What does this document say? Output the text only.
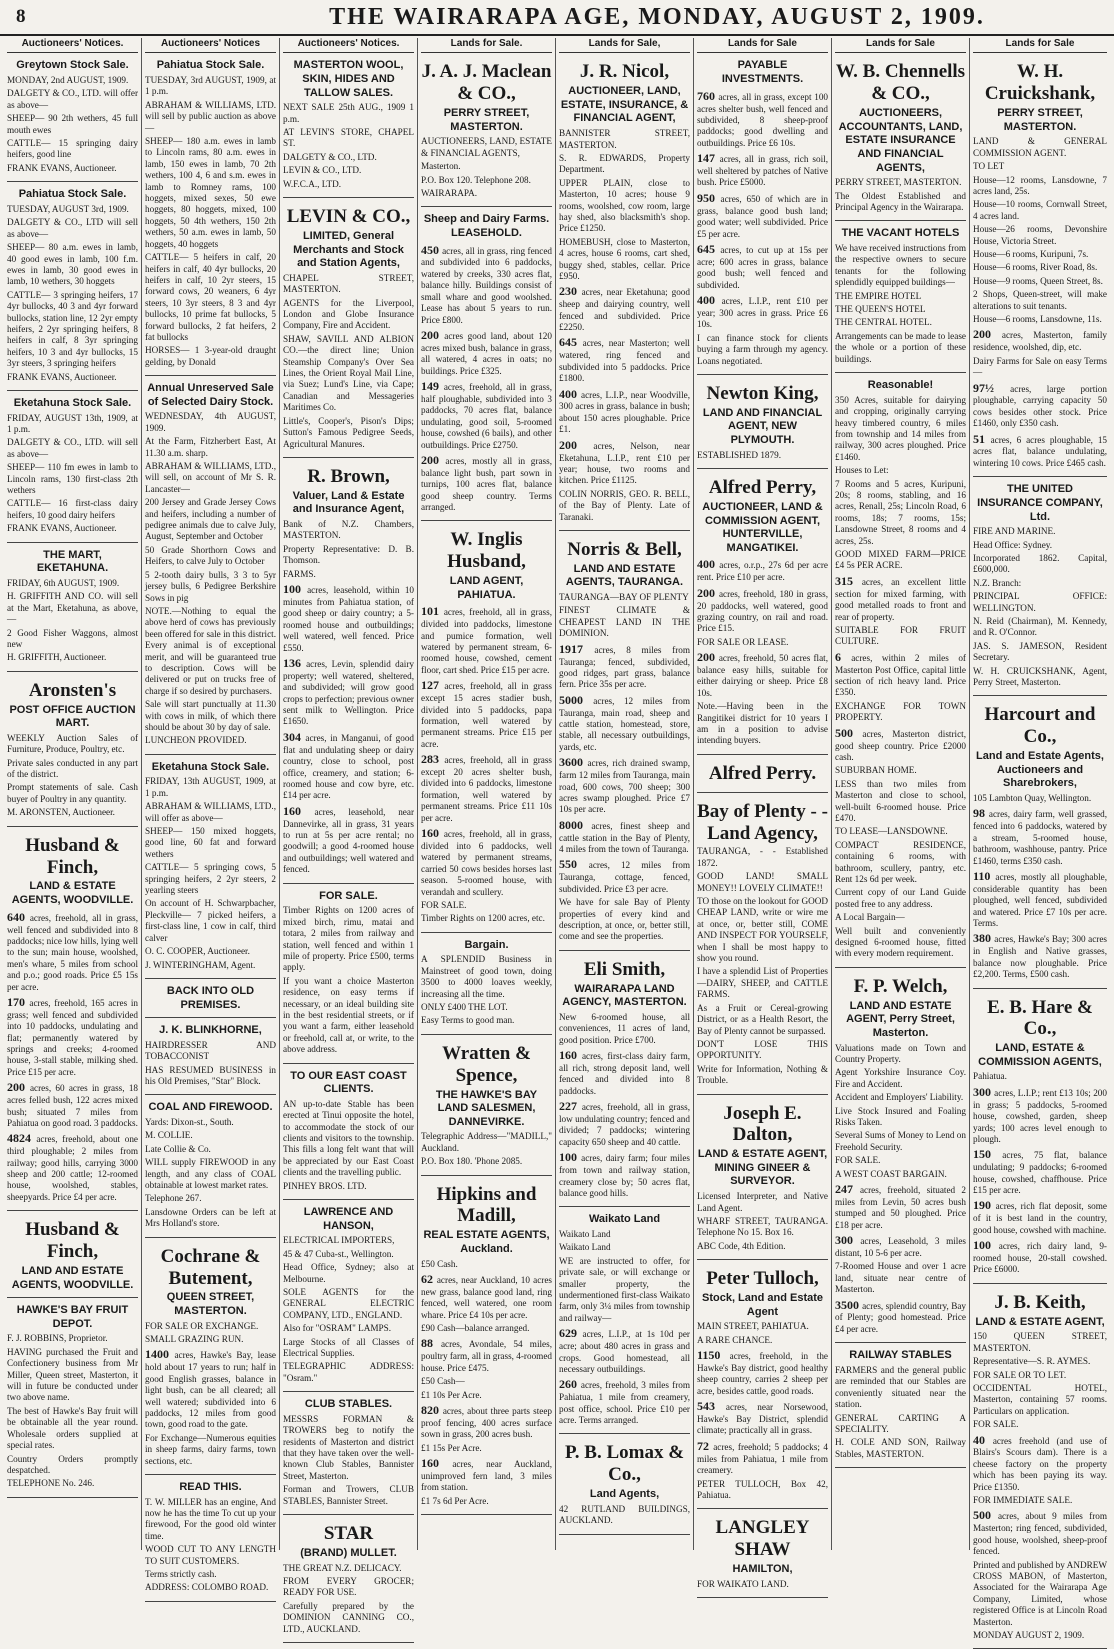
8	THE WAIRARAPA AGE, MONDAY, AUGUST 2, 1909.
Auctioneers' Notices.
Greytown Stock Sale.
MONDAY, 2nd AUGUST, 1909.
DALGETY & CO., LTD. will offer as above—
SHEEP— 90 2th wethers, 45 full mouth ewes
CATTLE— 15 springing dairy heifers, good line
FRANK EVANS, Auctioneer.
Pahiatua Stock Sale.
TUESDAY, AUGUST 3rd, 1909.
DALGETY & CO., LTD will sell as above—
SHEEP— 80 a.m. ewes in lamb, 40 good ewes in lamb, 100 f.m. ewes in lamb, 30 good ewes in lamb, 10 wethers, 30 hoggets
CATTLE— 3 springing heifers, 17 4yr bullocks, 40 3 and 4yr forward bullocks, station line, 12 2yr empty heifers, 2 2yr springing heifers, 8 heifers in calf, 8 3yr springing heifers, 10 3 and 4yr bullocks, 15 3yr steers, 3 springing heifers
FRANK EVANS, Auctioneer.
Eketahuna Stock Sale.
FRIDAY, AUGUST 13th, 1909, at 1 p.m.
DALGETY & CO., LTD. will sell as above—
SHEEP— 110 fm ewes in lamb to Lincoln rams, 130 first-class 2th wethers
CATTLE— 16 first-class dairy heifers, 10 good dairy heifers
FRANK EVANS, Auctioneer.
THE MART, EKETAHUNA.
FRIDAY, 6th AUGUST, 1909.
H. GRIFFITH AND CO. will sell at the Mart, Eketahuna, as above,—
2 Good Fisher Waggons, almost new
H. GRIFFITH, Auctioneer.
Aronsten's
POST OFFICE AUCTION MART.
WEEKLY Auction Sales of Furniture, Produce, Poultry, etc.
Private sales conducted in any part of the district.
Prompt statements of sale. Cash buyer of Poultry in any quantity.
M. ARONSTEN, Auctioneer.
Husband & Finch,
LAND & ESTATE AGENTS, WOODVILLE.
640 acres, freehold, all in grass, well fenced and subdivided into 8 paddocks; nice low hills, lying well to the sun; main house, woolshed, men's whare, 5 miles from school and p.o.; good roads. Price £5 15s per acre.
170 acres, freehold, 165 acres in grass; well fenced and subdivided into 10 paddocks, undulating and flat; permanently watered by springs and creeks; 4-roomed house, 3-stall stable, milking shed. Price £15 per acre.
200 acres, 60 acres in grass, 18 acres felled bush, 122 acres mixed bush; situated 7 miles from Pahiatua on good road. 3 paddocks.
4824 acres, freehold, about one third ploughable; 2 miles from railway; good hills, carrying 3000 sheep and 200 cattle; 12-roomed house, woolshed, stables, sheepyards. Price £4 per acre.
Husband & Finch,
LAND AND ESTATE AGENTS, WOODVILLE.
HAWKE'S BAY FRUIT DEPOT.
F. J. ROBBINS, Proprietor.
HAVING purchased the Fruit and Confectionery business from Mr Miller, Queen street, Masterton, it will in future be conducted under two above name.
The best of Hawke's Bay fruit will be obtainable all the year round. Wholesale orders supplied at special rates.
Country Orders promptly despatched.
TELEPHONE No. 246.
Auctioneers' Notices
Pahiatua Stock Sale.
TUESDAY, 3rd AUGUST, 1909, at 1 p.m.
ABRAHAM & WILLIAMS, LTD. will sell by public auction as above—
SHEEP— 180 a.m. ewes in lamb to Lincoln rams, 80 a.m. ewes in lamb, 150 ewes in lamb, 70 2th wethers, 100 4, 6 and s.m. ewes in lamb to Romney rams, 100 hoggets, mixed sexes, 50 ewe hoggets, 80 hoggets, mixed, 100 hoggets, 50 4th wethers, 150 2th wethers, 50 a.m. ewes in lamb, 50 hoggets, 40 hoggets
CATTLE— 5 heifers in calf, 20 heifers in calf, 40 4yr bullocks, 20 heifers in calf, 10 2yr steers, 15 forward cows, 20 weaners, 6 4yr steers, 10 3yr steers, 8 3 and 4yr bullocks, 10 prime fat bullocks, 5 forward bullocks, 2 fat heifers, 2 fat bullocks
HORSES— 1 3-year-old draught gelding, by Donald
Annual Unreserved Sale of Selected Dairy Stock.
WEDNESDAY, 4th AUGUST, 1909.
At the Farm, Fitzherbert East, At 11.30 a.m. sharp.
ABRAHAM & WILLIAMS, LTD., will sell, on account of Mr S. R. Lancaster—
200 Jersey and Grade Jersey Cows and heifers, including a number of pedigree animals due to calve July, August, September and October
50 Grade Shorthorn Cows and Heifers, to calve July to October
5 2-tooth dairy bulls, 3 3 to 5yr jersey bulls, 6 Pedigree Berkshire Sows in pig
NOTE.—Nothing to equal the above herd of cows has previously been offered for sale in this district. Every animal is of exceptional merit, and will be guaranteed true to description. Cows will be delivered or put on trucks free of charge if so desired by purchasers.
Sale will start punctually at 11.30 with cows in milk, of which there should be about 30 by day of sale.
LUNCHEON PROVIDED.
Eketahuna Stock Sale.
FRIDAY, 13th AUGUST, 1909, at 1 p.m.
ABRAHAM & WILLIAMS, LTD., will offer as above—
SHEEP— 150 mixed hoggets, good line, 60 fat and forward wethers
CATTLE— 5 springing cows, 5 springing heifers, 2 2yr steers, 2 yearling steers
On account of H. Schwarpbacher, Pleckville— 7 picked heifers, a first-class line, 1 cow in calf, third calver
O. C. COOPER, Auctioneer.
J. WINTERINGHAM, Agent.
BACK INTO OLD PREMISES.
J. K. BLINKHORNE,
HAIRDRESSER AND TOBACCONIST
HAS RESUMED BUSINESS in his Old Premises, "Star" Block.
COAL AND FIREWOOD.
Yards: Dixon-st., South.
M. COLLIE.
Late Collie & Co.
WILL supply FIREWOOD in any length, and any class of COAL obtainable at lowest market rates.
Telephone 267.
Lansdowne Orders can be left at Mrs Holland's store.
Cochrane & Butement,
QUEEN STREET, MASTERTON.
FOR SALE OR EXCHANGE.
SMALL GRAZING RUN.
1400 acres, Hawke's Bay, lease hold about 17 years to run; half in good English grasses, balance in light bush, can be all cleared; all well watered; subdivided into 6 paddocks, 12 miles from good town, good road to the gate.
For Exchange—Numerous equities in sheep farms, dairy farms, town sections, etc.
READ THIS.
T. W. MILLER has an engine, And now he has the time To cut up your firewood, For the good old winter time.
WOOD CUT TO ANY LENGTH TO SUIT CUSTOMERS.
Terms strictly cash.
ADDRESS: COLOMBO ROAD.
Auctioneers' Notices.
MASTERTON WOOL, SKIN, HIDES AND TALLOW SALES.
NEXT SALE 25th AUG., 1909 1 p.m.
AT LEVIN'S STORE, CHAPEL ST.
DALGETY & CO., LTD.
LEVIN & CO., LTD.
W.F.C.A., LTD.
LEVIN & CO.,
LIMITED, General Merchants and Stock and Station Agents,
CHAPEL STREET, MASTERTON.
AGENTS for the Liverpool, London and Globe Insurance Company, Fire and Accident.
SHAW, SAVILL AND ALBION CO.—the direct line; Union Steamship Company's Over Sea Lines, the Orient Royal Mail Line, via Suez; Lund's Line, via Cape; Canadian and Messageries Maritimes Co.
Little's, Cooper's, Pison's Dips; Sutton's Famous Pedigree Seeds, Agricultural Manures.
R. Brown,
Valuer, Land & Estate and Insurance Agent,
Bank of N.Z. Chambers, MASTERTON.
Property Representative: D. B. Thomson.
FARMS.
100 acres, leasehold, within 10 minutes from Pahiatua station, of good sheep or dairy country; a 5-roomed house and outbuildings; well watered, well fenced. Price £550.
136 acres, Levin, splendid dairy property; well watered, sheltered, and subdivided; will grow good crops to perfection; previous owner sent milk to Wellington. Price £1650.
304 acres, in Manganui, of good flat and undulating sheep or dairy country, close to school, post office, creamery, and station; 6-roomed house and cow byre, etc. £14 per acre.
160 acres, leasehold, near Dannevirke, all in grass, 31 years to run at 5s per acre rental; no goodwill; a good 4-roomed house and outbuildings; well watered and fenced.
FOR SALE.
Timber Rights on 1200 acres of mixed birch, rimu, matai and totara, 2 miles from railway and station, well fenced and within 1 mile of property. Price £500, terms apply.
If you want a choice Masterton residence, on easy terms if necessary, or an ideal building site in the best residential streets, or if you want a farm, either leasehold or freehold, call at, or write, to the above address.
TO OUR EAST COAST CLIENTS.
AN up-to-date Stable has been erected at Tinui opposite the hotel, to accommodate the stock of our clients and visitors to the township. This fills a long felt want that will be appreciated by our East Coast clients and the travelling public.
PINHEY BROS. LTD.
LAWRENCE AND HANSON,
ELECTRICAL IMPORTERS,
45 & 47 Cuba-st., Wellington.
Head Office, Sydney; also at Melbourne.
SOLE AGENTS for the GENERAL ELECTRIC COMPANY, LTD., ENGLAND.
Also for "OSRAM" LAMPS.
Large Stocks of all Classes of Electrical Supplies.
TELEGRAPHIC ADDRESS: "Osram."
CLUB STABLES.
MESSRS FORMAN & TROWERS beg to notify the residents of Masterton and district that they have taken over the well-known Club Stables, Bannister Street, Masterton.
Forman and Trowers, CLUB STABLES, Bannister Street.
STAR
(BRAND) MULLET.
THE GREAT N.Z. DELICACY.
FROM EVERY GROCER; READY FOR USE.
Carefully prepared by the DOMINION CANNING CO., LTD., AUCKLAND.
Lands for Sale.
J. A. J. Maclean & CO.,
PERRY STREET, MASTERTON.
AUCTIONEERS, LAND, ESTATE & FINANCIAL AGENTS,
Masterton.
P.O. Box 120. Telephone 208.
WAIRARAPA.
Sheep and Dairy Farms. LEASEHOLD.
450 acres, all in grass, ring fenced and subdivided into 6 paddocks, watered by creeks, 330 acres flat, balance hilly. Buildings consist of small whare and good woolshed. Lease has about 5 years to run. Price £800.
200 acres good land, about 120 acres mixed bush, balance in grass, all watered, 4 acres in oats; no buildings. Price £325.
149 acres, freehold, all in grass, half ploughable, subdivided into 3 paddocks, 70 acres flat, balance undulating, good soil, 5-roomed house, cowshed (6 bails), and other outbuildings. Price £2750.
200 acres, mostly all in grass, balance light bush, part sown in turnips, 100 acres flat, balance good sheep country. Terms arranged.
W. Inglis Husband,
LAND AGENT, PAHIATUA.
101 acres, freehold, all in grass, divided into paddocks, limestone and pumice formation, well watered by permanent stream, 6-roomed house, cowshed, cement floor, cart shed. Price £15 per acre.
127 acres, freehold, all in grass except 15 acres stadier bush, divided into 5 paddocks, papa formation, well watered by permanent streams. Price £15 per acre.
283 acres, freehold, all in grass except 20 acres shelter bush, divided into 6 paddocks, limestone formation, well watered by permanent streams. Price £11 10s per acre.
160 acres, freehold, all in grass, divided into 6 paddocks, well watered by permanent streams, carried 50 cows besides horses last season. 5-roomed house, with verandah and scullery.
FOR SALE.
Timber Rights on 1200 acres, etc.
Bargain.
A SPLENDID Business in Mainstreet of good town, doing 3500 to 4000 loaves weekly, increasing all the time.
ONLY £400 THE LOT.
Easy Terms to good man.
Wratten & Spence,
THE HAWKE'S BAY LAND SALESMEN, DANNEVIRKE.
Telegraphic Address—"MADILL," Auckland.
P.O. Box 180. 'Phone 2085.
Hipkins and Madill,
REAL ESTATE AGENTS, Auckland.
£50 Cash.
62 acres, near Auckland, 10 acres new grass, balance good land, ring fenced, well watered, one room whare. Price £4 10s per acre.
£90 Cash—balance arranged.
88 acres, Avondale, 54 miles, poultry farm, all in grass, 4-roomed house. Price £475.
£50 Cash—
£1 10s Per Acre.
820 acres, about three parts steep proof fencing, 400 acres surface sown in grass, 200 acres bush.
£1 15s Per Acre.
160 acres, near Auckland, unimproved fern land, 3 miles from station.
£1 7s 6d Per Acre.
Lands for Sale,
J. R. Nicol,
AUCTIONEER, LAND, ESTATE, INSURANCE, & FINANCIAL AGENT,
BANNISTER STREET, MASTERTON.
S. R. EDWARDS, Property Department.
UPPER PLAIN, close to Masterton, 10 acres; house 9 rooms, woolshed, cow room, large hay shed, also blacksmith's shop. Price £1250.
HOMEBUSH, close to Masterton, 4 acres, house 6 rooms, cart shed, buggy shed, stables, cellar. Price £950.
230 acres, near Eketahuna; good sheep and dairying country, well fenced and subdivided. Price £2250.
645 acres, near Masterton; well watered, ring fenced and subdivided into 5 paddocks. Price £1800.
400 acres, L.I.P., near Woodville, 300 acres in grass, balance in bush; about 150 acres ploughable. Price £1.
200 acres, Nelson, near Eketahuna, L.I.P., rent £10 per year; house, two rooms and kitchen. Price £1125.
COLIN NORRIS, GEO. R. BELL, of the Bay of Plenty. Late of Taranaki.
Norris & Bell,
LAND AND ESTATE AGENTS, TAURANGA.
TAURANGA—BAY OF PLENTY
FINEST CLIMATE & CHEAPEST LAND IN THE DOMINION.
1917 acres, 8 miles from Tauranga; fenced, subdivided, good ridges, part grass, balance fern. Price 35s per acre.
5000 acres, 12 miles from Tauranga, main road, sheep and cattle station, homestead, store, stable, all necessary outbuildings, yards, etc.
3600 acres, rich drained swamp, farm 12 miles from Tauranga, main road, 600 cows, 700 sheep; 300 acres swamp ploughed. Price £7 10s per acre.
8000 acres, finest sheep and cattle station in the Bay of Plenty, 4 miles from the town of Tauranga.
550 acres, 12 miles from Tauranga, cottage, fenced, subdivided. Price £3 per acre.
We have for sale Bay of Plenty properties of every kind and description, at once, or, better still, come and see the properties.
Eli Smith,
WAIRARAPA LAND AGENCY, MASTERTON.
New 6-roomed house, all conveniences, 11 acres of land, good position. Price £700.
160 acres, first-class dairy farm, all rich, strong deposit land, well fenced and divided into 8 paddocks.
227 acres, freehold, all in grass, low undulating country; fenced and divided; 7 paddocks; wintering capacity 650 sheep and 40 cattle.
100 acres, dairy farm; four miles from town and railway station, creamery close by; 50 acres flat, balance good hills.
Waikato Land
Waikato Land
Waikato Land
WE are instructed to offer, for private sale, or will exchange or smaller property, the undermentioned first-class Waikato farm, only 3¼ miles from township and railway—
629 acres, L.I.P., at 1s 10d per acre; about 480 acres in grass and crops. Good homestead, all necessary outbuildings.
260 acres, freehold, 3 miles from Pahiatua, 1 mile from creamery, post office, school. Price £10 per acre. Terms arranged.
P. B. Lomax & Co.,
Land Agents,
42 RUTLAND BUILDINGS, AUCKLAND.
Lands for Sale
PAYABLE INVESTMENTS.
760 acres, all in grass, except 100 acres shelter bush, well fenced and subdivided, 8 sheep-proof paddocks; good dwelling and outbuildings. Price £6 10s.
147 acres, all in grass, rich soil, well sheltered by patches of Native bush. Price £5000.
950 acres, 650 of which are in grass, balance good bush land; good water; well subdivided. Price £5 per acre.
645 acres, to cut up at 15s per acre; 600 acres in grass, balance good bush; well fenced and subdivided.
400 acres, L.I.P., rent £10 per year; 300 acres in grass. Price £6 10s.
I can finance stock for clients buying a farm through my agency. Loans negotiated.
Newton King,
LAND AND FINANCIAL AGENT, NEW PLYMOUTH.
ESTABLISHED 1879.
Alfred Perry,
AUCTIONEER, LAND & COMMISSION AGENT, HUNTERVILLE, MANGATIKEI.
400 acres, o.r.p., 27s 6d per acre rent. Price £10 per acre.
200 acres, freehold, 180 in grass, 20 paddocks, well watered, good grazing country, on rail and road. Price £15.
FOR SALE OR LEASE.
200 acres, freehold, 50 acres flat, balance easy hills, suitable for either dairying or sheep. Price £8 10s.
Note.—Having been in the Rangitikei district for 10 years I am in a position to advise intending buyers.
Alfred Perry.
Bay of Plenty - - Land Agency,
TAURANGA, - - Established 1872.
GOOD LAND! SMALL MONEY!! LOVELY CLIMATE!!
TO those on the lookout for GOOD CHEAP LAND, write or wire me at once, or, better still, COME AND INSPECT FOR YOURSELF, when I shall be most happy to show you round.
I have a splendid List of Properties—DAIRY, SHEEP, and CATTLE FARMS.
As a Fruit or Cereal-growing District, or as a Health Resort, the Bay of Plenty cannot be surpassed.
DON'T LOSE THIS OPPORTUNITY.
Write for Information, Nothing & Trouble.
Joseph E. Dalton,
LAND & ESTATE AGENT, MINING GINEER & SURVEYOR.
Licensed Interpreter, and Native Land Agent.
WHARF STREET, TAURANGA. Telephone No 15. Box 16.
ABC Code, 4th Edition.
Peter Tulloch,
Stock, Land and Estate Agent
MAIN STREET, PAHIATUA.
A RARE CHANCE.
1150 acres, freehold, in the Hawke's Bay district, good healthy sheep country, carries 2 sheep per acre, besides cattle, good roads.
543 acres, near Norsewood, Hawke's Bay District, splendid climate; practically all in grass.
72 acres, freehold; 5 paddocks; 4 miles from Pahiatua, 1 mile from creamery.
PETER TULLOCH, Box 42, Pahiatua.
LANGLEY SHAW
HAMILTON,
FOR WAIKATO LAND.
Lands for Sale
W. B. Chennells & CO.,
AUCTIONEERS, ACCOUNTANTS, LAND, ESTATE INSURANCE AND FINANCIAL AGENTS,
PERRY STREET, MASTERTON.
The Oldest Established and Principal Agency in the Wairarapa.
THE VACANT HOTELS
We have received instructions from the respective owners to secure tenants for the following splendidly equipped buildings—
THE EMPIRE HOTEL
THE QUEEN'S HOTEL
THE CENTRAL HOTEL.
Arrangements can be made to lease the whole or a portion of these buildings.
Reasonable!
350 Acres, suitable for dairying and cropping, originally carrying heavy timbered country, 6 miles from township and 14 miles from railway, 300 acres ploughed. Price £1460.
Houses to Let:
7 Rooms and 5 acres, Kuripuni, 20s; 8 rooms, stabling, and 16 acres, Renall, 25s; Lincoln Road, 6 rooms, 18s; 7 rooms, 15s; Lansdowne Street, 8 rooms and 4 acres, 25s.
GOOD MIXED FARM—PRICE £4 5s PER ACRE.
315 acres, an excellent little section for mixed farming, with good metalled roads to front and rear of property.
SUITABLE FOR FRUIT CULTURE.
6 acres, within 2 miles of Masterton Post Office, capital little section of rich heavy land. Price £350.
EXCHANGE FOR TOWN PROPERTY.
500 acres, Masterton district, good sheep country. Price £2000 cash.
SUBURBAN HOME.
LESS than two miles from Masterton and close to school, well-built 6-roomed house. Price £470.
TO LEASE—LANSDOWNE.
COMPACT RESIDENCE, containing 6 rooms, with bathroom, scullery, pantry, etc. Rent 12s 6d per week.
Current copy of our Land Guide posted free to any address.
A Local Bargain—
Well built and conveniently designed 6-roomed house, fitted with every modern requirement.
F. P. Welch,
LAND AND ESTATE AGENT, Perry Street, Masterton.
Valuations made on Town and Country Property.
Agent Yorkshire Insurance Coy. Fire and Accident.
Accident and Employers' Liability.
Live Stock Insured and Foaling Risks Taken.
Several Sums of Money to Lend on Freehold Security.
FOR SALE.
A WEST COAST BARGAIN.
247 acres, freehold, situated 2 miles from Levin, 50 acres bush stumped and 50 ploughed. Price £18 per acre.
300 acres, Leasehold, 3 miles distant, 10 5-6 per acre.
7-Roomed House and over 1 acre land, situate near centre of Masterton.
3500 acres, splendid country, Bay of Plenty; good homestead. Price £4 per acre.
RAILWAY STABLES
FARMERS and the general public are reminded that our Stables are conveniently situated near the station.
GENERAL CARTING A SPECIALITY.
H. COLE AND SON, Railway Stables, MASTERTON.
Lands for Sale
W. H. Cruickshank,
PERRY STREET, MASTERTON.
LAND & GENERAL COMMISSION AGENT.
TO LET
House—12 rooms, Lansdowne, 7 acres land, 25s.
House—10 rooms, Cornwall Street, 4 acres land.
House—26 rooms, Devonshire House, Victoria Street.
House—6 rooms, Kuripuni, 7s.
House—6 rooms, River Road, 8s.
House—9 rooms, Queen Street, 8s.
2 Shops, Queen-street, will make alterations to suit tenants.
House—6 rooms, Lansdowne, 11s.
200 acres, Masterton, family residence, woolshed, dip, etc.
Dairy Farms for Sale on easy Terms—
97½ acres, large portion ploughable, carrying capacity 50 cows besides other stock. Price £1460, only £350 cash.
51 acres, 6 acres ploughable, 15 acres flat, balance undulating, wintering 10 cows. Price £465 cash.
THE UNITED INSURANCE COMPANY, Ltd.
FIRE AND MARINE.
Head Office: Sydney.
Incorporated 1862. Capital, £600,000.
N.Z. Branch:
PRINCIPAL OFFICE: WELLINGTON.
N. Reid (Chairman), M. Kennedy, and R. O'Connor.
JAS. S. JAMESON, Resident Secretary.
W. H. CRUICKSHANK, Agent, Perry Street, Masterton.
Harcourt and Co.,
Land and Estate Agents, Auctioneers and Sharebrokers,
105 Lambton Quay, Wellington.
98 acres, dairy farm, well grassed, fenced into 6 paddocks, watered by a stream, 5-roomed house, bathroom, washhouse, pantry. Price £1460, terms £350 cash.
110 acres, mostly all ploughable, considerable quantity has been ploughed, well fenced, subdivided and watered. Price £7 10s per acre. Terms.
380 acres, Hawke's Bay; 300 acres in English and Native grasses, balance now ploughable. Price £2,200. Terms, £500 cash.
E. B. Hare & Co.,
LAND, ESTATE & COMMISSION AGENTS,
Pahiatua.
300 acres, L.I.P.; rent £13 10s; 200 in grass; 5 paddocks, 5-roomed house, cowshed, garden, sheep yards; 100 acres level enough to plough.
150 acres, 75 flat, balance undulating; 9 paddocks; 6-roomed house, cowshed, chaffhouse. Price £15 per acre.
190 acres, rich flat deposit, some of it is best land in the country, good house, cowshed with machine.
100 acres, rich dairy land, 9-roomed house, 20-stall cowshed. Price £6000.
J. B. Keith,
LAND & ESTATE AGENT,
150 QUEEN STREET, MASTERTON.
Representative—S. R. AYMES.
FOR SALE OR TO LET.
OCCIDENTAL HOTEL, Masterton, containing 57 rooms. Particulars on application.
FOR SALE.
40 acres freehold (and use of Blairs's Scours dam). There is a cheese factory on the property which has been paying its way. Price £1350.
FOR IMMEDIATE SALE.
500 acres, about 9 miles from Masterton; ring fenced, subdivided, good house, woolshed, sheep-proof fenced.
Printed and published by ANDREW CROSS MABON, of Masterton, Associated for the Wairarapa Age Company, Limited, whose registered Office is at Lincoln Road Masterton.
MONDAY AUGUST 2, 1909.
